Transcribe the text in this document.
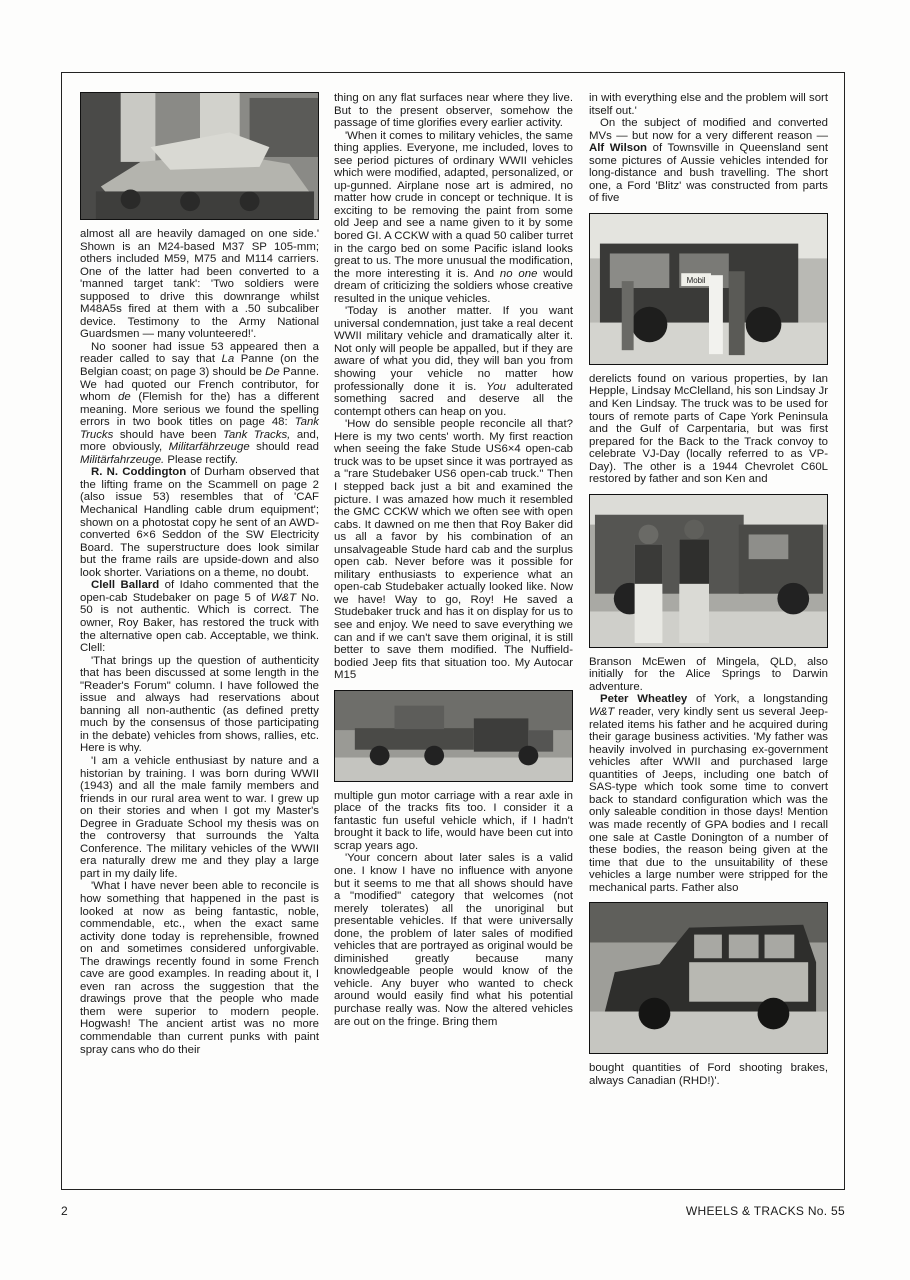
almost all are heavily damaged on one side.' Shown is an M24-based M37 SP 105-mm; others included M59, M75 and M114 carriers. One of the latter had been converted to a 'manned target tank': 'Two soldiers were supposed to drive this downrange whilst M48A5s fired at them with a .50 subcaliber device. Testimony to the Army National Guardsmen — many volunteered!'.

No sooner had issue 53 appeared then a reader called to say that La Panne (on the Belgian coast; on page 3) should be De Panne. We had quoted our French contributor, for whom de (Flemish for the) has a different meaning. More serious we found the spelling errors in two book titles on page 48: Tank Trucks should have been Tank Tracks, and, more obviously, Militarfährzeuge should read Militärfahrzeuge. Please rectify.

R. N. Coddington of Durham observed that the lifting frame on the Scammell on page 2 (also issue 53) resembles that of 'CAF Mechanical Handling cable drum equipment'; shown on a photostat copy he sent of an AWD-converted 6×6 Seddon of the SW Electricity Board. The superstructure does look similar but the frame rails are upside-down and also look shorter. Variations on a theme, no doubt.

Clell Ballard of Idaho commented that the open-cab Studebaker on page 5 of W&T No. 50 is not authentic. Which is correct. The owner, Roy Baker, has restored the truck with the alternative open cab. Acceptable, we think. Clell:

'That brings up the question of authenticity that has been discussed at some length in the "Reader's Forum" column. I have followed the issue and always had reservations about banning all non-authentic (as defined pretty much by the consensus of those participating in the debate) vehicles from shows, rallies, etc. Here is why.

'I am a vehicle enthusiast by nature and a historian by training. I was born during WWII (1943) and all the male family members and friends in our rural area went to war. I grew up on their stories and when I got my Master's Degree in Graduate School my thesis was on the controversy that surrounds the Yalta Conference. The military vehicles of the WWII era naturally drew me and they play a large part in my daily life.

'What I have never been able to reconcile is how something that happened in the past is looked at now as being fantastic, noble, commendable, etc., when the exact same activity done today is reprehensible, frowned on and sometimes considered unforgivable. The drawings recently found in some French cave are good examples. In reading about it, I even ran across the suggestion that the drawings prove that the people who made them were superior to modern people. Hogwash! The ancient artist was no more commendable than current punks with paint spray cans who do their

thing on any flat surfaces near where they live. But to the present observer, somehow the passage of time glorifies every earlier activity.

'When it comes to military vehicles, the same thing applies. Everyone, me included, loves to see period pictures of ordinary WWII vehicles which were modified, adapted, personalized, or up-gunned. Airplane nose art is admired, no matter how crude in concept or technique. It is exciting to be removing the paint from some old Jeep and see a name given to it by some bored GI. A CCKW with a quad 50 caliber turret in the cargo bed on some Pacific island looks great to us. The more unusual the modification, the more interesting it is. And no one would dream of criticizing the soldiers whose creative resulted in the unique vehicles.

'Today is another matter. If you want universal condemnation, just take a real decent WWII military vehicle and dramatically alter it. Not only will people be appalled, but if they are aware of what you did, they will ban you from showing your vehicle no matter how professionally done it is. You adulterated something sacred and deserve all the contempt others can heap on you.

'How do sensible people reconcile all that? Here is my two cents' worth. My first reaction when seeing the fake Stude US6×4 open-cab truck was to be upset since it was portrayed as a "rare Studebaker US6 open-cab truck." Then I stepped back just a bit and examined the picture. I was amazed how much it resembled the GMC CCKW which we often see with open cabs. It dawned on me then that Roy Baker did us all a favor by his combination of an unsalvageable Stude hard cab and the surplus open cab. Never before was it possible for military enthusiasts to experience what an open-cab Studebaker actually looked like. Now we have! Way to go, Roy! He saved a Studebaker truck and has it on display for us to see and enjoy. We need to save everything we can and if we can't save them original, it is still better to save them modified. The Nuffield-bodied Jeep fits that situation too. My Autocar M15

multiple gun motor carriage with a rear axle in place of the tracks fits too. I consider it a fantastic fun useful vehicle which, if I hadn't brought it back to life, would have been cut into scrap years ago.

'Your concern about later sales is a valid one. I know I have no influence with anyone but it seems to me that all shows should have a "modified" category that welcomes (not merely tolerates) all the unoriginal but presentable vehicles. If that were universally done, the problem of later sales of modified vehicles that are portrayed as original would be diminished greatly because many knowledgeable people would know of the vehicle. Any buyer who wanted to check around would easily find what his potential purchase really was. Now the altered vehicles are out on the fringe. Bring them

in with everything else and the problem will sort itself out.'

On the subject of modified and converted MVs — but now for a very different reason — Alf Wilson of Townsville in Queensland sent some pictures of Aussie vehicles intended for long-distance and bush travelling. The short one, a Ford 'Blitz' was constructed from parts of five

Mobil

derelicts found on various properties, by Ian Hepple, Lindsay McClelland, his son Lindsay Jr and Ken Lindsay. The truck was to be used for tours of remote parts of Cape York Peninsula and the Gulf of Carpentaria, but was first prepared for the Back to the Track convoy to celebrate VJ-Day (locally referred to as VP-Day). The other is a 1944 Chevrolet C60L restored by father and son Ken and

Branson McEwen of Mingela, QLD, also initially for the Alice Springs to Darwin adventure.

Peter Wheatley of York, a longstanding W&T reader, very kindly sent us several Jeep-related items his father and he acquired during their garage business activities. 'My father was heavily involved in purchasing ex-government vehicles after WWII and purchased large quantities of Jeeps, including one batch of SAS-type which took some time to convert back to standard configuration which was the only saleable condition in those days! Mention was made recently of GPA bodies and I recall one sale at Castle Donington of a number of these bodies, the reason being given at the time that due to the unsuitability of these vehicles a large number were stripped for the mechanical parts. Father also

bought quantities of Ford shooting brakes, always Canadian (RHD!)'.

2	WHEELS & TRACKS No. 55
